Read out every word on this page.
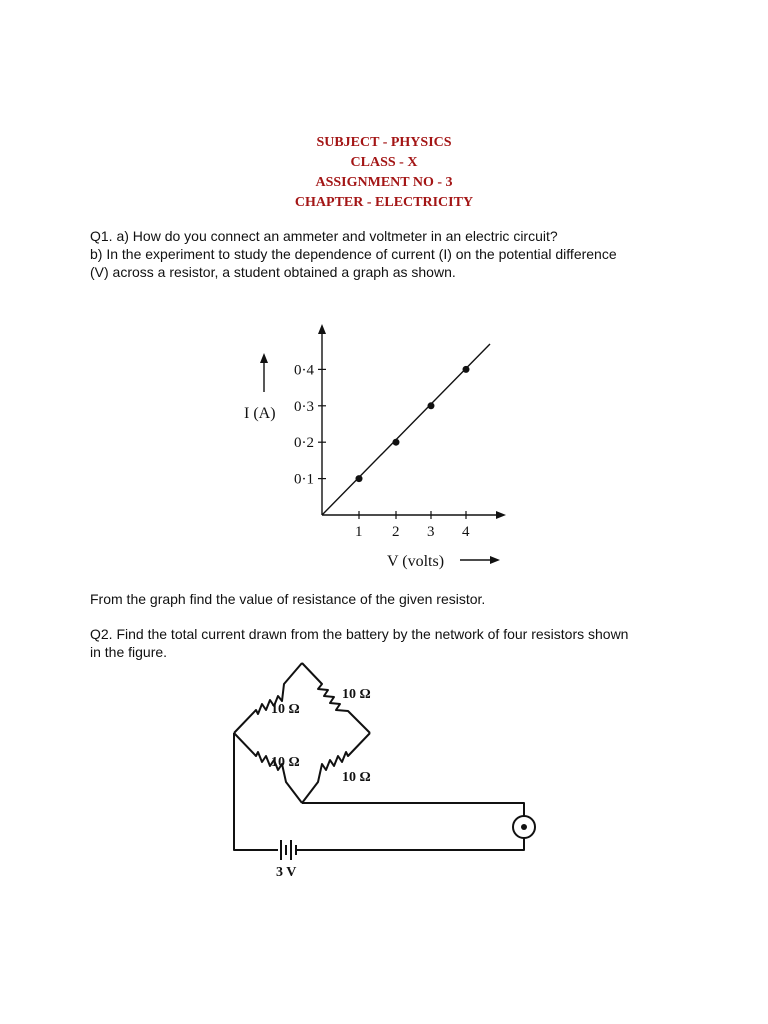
SUBJECT - PHYSICS
CLASS - X
ASSIGNMENT NO - 3
CHAPTER - ELECTRICITY
Q1. a) How do you connect an ammeter and voltmeter in an electric circuit?
b) In the experiment to study the dependence of current (I) on the potential difference
(V) across a resistor, a student obtained a graph as shown.
From the graph find the value of resistance of the given resistor.
Q2. Find the total current drawn from the battery by the network of four resistors shown
in the figure.
0·1
0·2
0·3
0·4
1 2 3 4
I (A)
V (volts)
10 Ω
10 Ω
10 Ω
10 Ω
3 V
